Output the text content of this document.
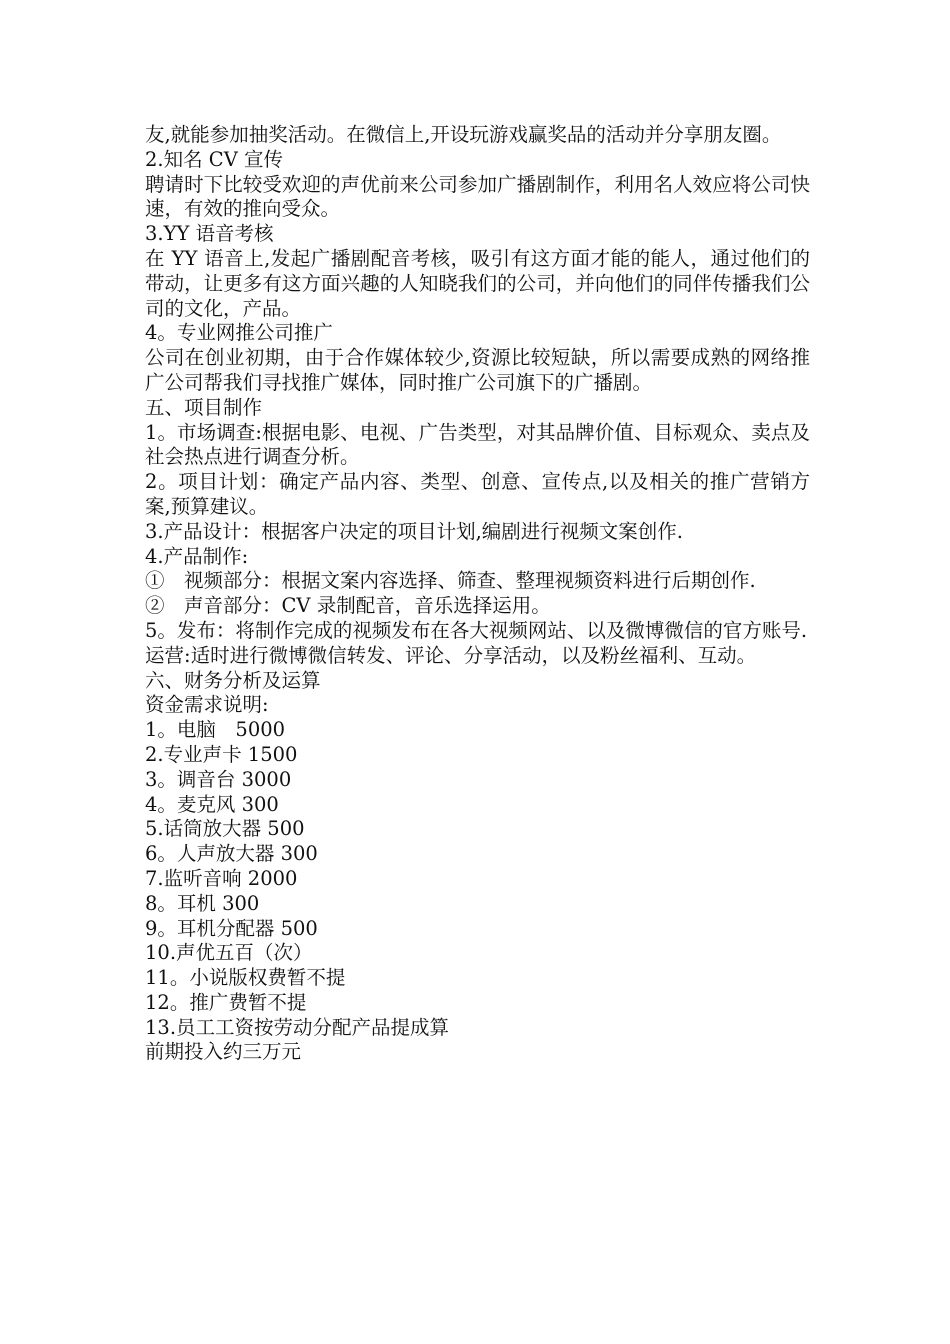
友,就能参加抽奖活动。在微信上,开设玩游戏赢奖品的活动并分享朋友圈。

2.知名 CV 宣传

聘请时下比较受欢迎的声优前来公司参加广播剧制作，利用名人效应将公司快速，有效的推向受众。

3.YY 语音考核

在 YY 语音上,发起广播剧配音考核，吸引有这方面才能的能人，通过他们的带动，让更多有这方面兴趣的人知晓我们的公司，并向他们的同伴传播我们公司的文化，产品。

4。专业网推公司推广

公司在创业初期，由于合作媒体较少,资源比较短缺，所以需要成熟的网络推广公司帮我们寻找推广媒体，同时推广公司旗下的广播剧。

五、项目制作

1。市场调查:根据电影、电视、广告类型，对其品牌价值、目标观众、卖点及社会热点进行调查分析。

2。项目计划：确定产品内容、类型、创意、宣传点,以及相关的推广营销方案,预算建议。

3.产品设计：根据客户决定的项目计划,编剧进行视频文案创作.

4.产品制作:

①　视频部分：根据文案内容选择、筛查、整理视频资料进行后期创作.

②　声音部分：CV 录制配音，音乐选择运用。

5。发布：将制作完成的视频发布在各大视频网站、以及微博微信的官方账号.

运营:适时进行微博微信转发、评论、分享活动，以及粉丝福利、互动。

六、财务分析及运算

资金需求说明:

1。电脑　5000

2.专业声卡 1500

3。调音台 3000

4。麦克风 300

5.话筒放大器 500

6。人声放大器 300

7.监听音响 2000

8。耳机 300

9。耳机分配器 500

10.声优五百（次）

11。小说版权费暂不提

12。推广费暂不提

13.员工工资按劳动分配产品提成算

前期投入约三万元
